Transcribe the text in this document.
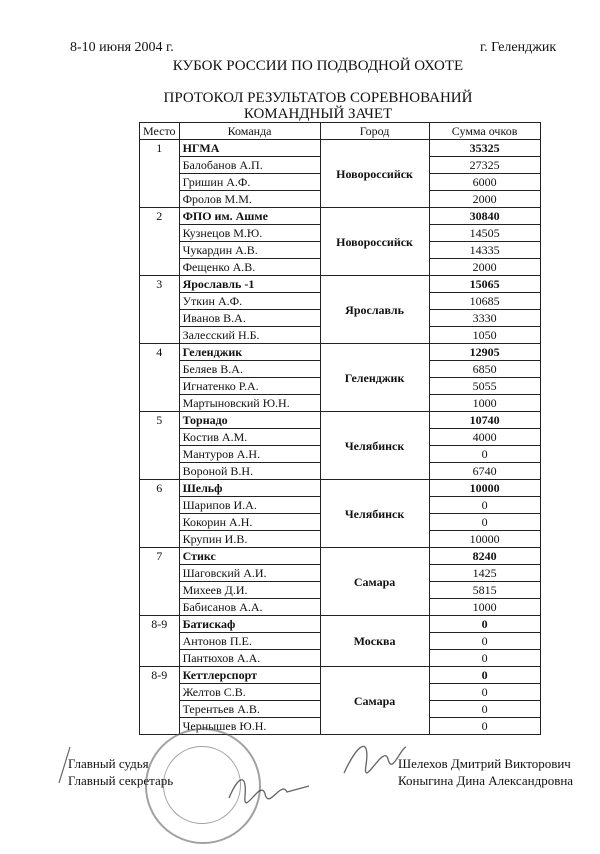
8-10 июня 2004 г.	г. Геленджик
КУБОК РОССИИ ПО ПОДВОДНОЙ ОХОТЕ
ПРОТОКОЛ РЕЗУЛЬТАТОВ СОРЕВНОВАНИЙ
КОМАНДНЫЙ ЗАЧЕТ
Место	Команда	Город	Сумма очков
1	НГМА	Новороссийск	35325
	Балобанов А.П.		27325
	Гришин А.Ф.		6000
	Фролов М.М.		2000
2	ФПО им. Ашме	Новороссийск	30840
	Кузнецов М.Ю.		14505
	Чукардин А.В.		14335
	Фещенко А.В.		2000
3	Ярославль -1	Ярославль	15065
	Уткин А.Ф.		10685
	Иванов В.А.		3330
	Залесский Н.Б.		1050
4	Геленджик	Геленджик	12905
	Беляев В.А.		6850
	Игнатенко Р.А.		5055
	Мартыновский Ю.Н.		1000
5	Торнадо	Челябинск	10740
	Костив А.М.		4000
	Мантуров А.Н.		0
	Вороной В.Н.		6740
6	Шельф	Челябинск	10000
	Шарипов И.А.		0
	Кокорин А.Н.		0
	Крупин И.В.		10000
7	Стикс	Самара	8240
	Шаговский А.И.		1425
	Михеев Д.И.		5815
	Бабисанов А.А.		1000
8-9	Батискаф	Москва	0
	Антонов П.Е.		0
	Пантюхов А.А.		0
8-9	Кеттлерспорт	Самара	0
	Желтов С.В.		0
	Терентьев А.В.		0
	Чернышев Ю.Н.		0
Главный судья
Главный секретарь
Шелехов Дмитрий Викторович
Коныгина Дина Александровна
